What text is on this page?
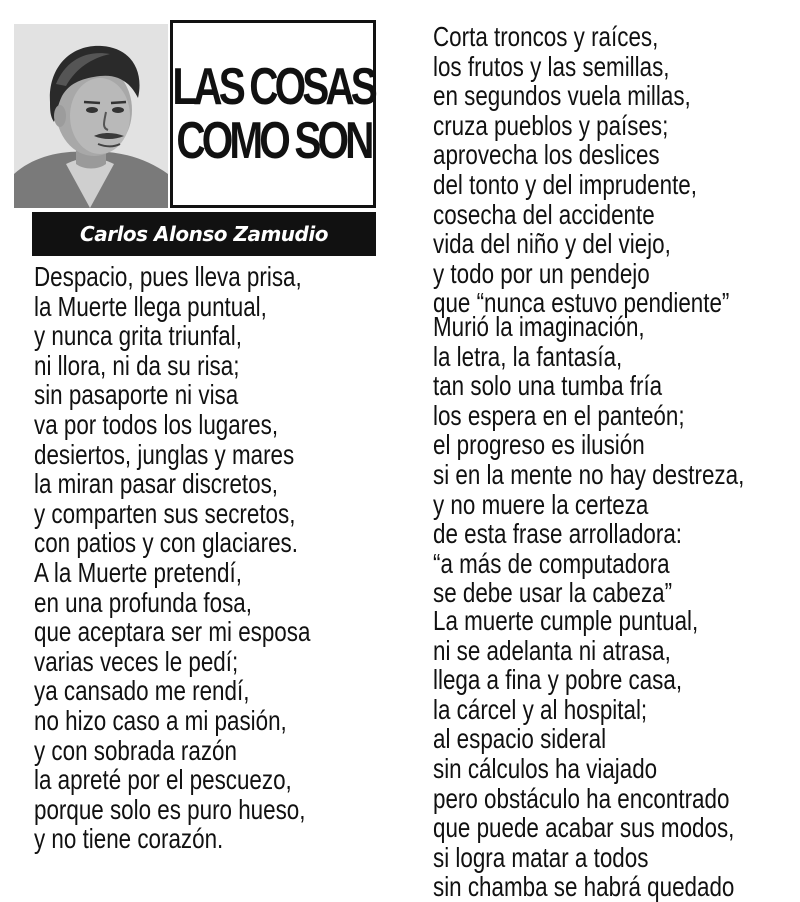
LAS COSAS
COMO SON
Carlos Alonso Zamudio
Despacio, pues lleva prisa,
la Muerte llega puntual,
y nunca grita triunfal,
ni llora, ni da su risa;
sin pasaporte ni visa
va por todos los lugares,
desiertos, junglas y mares
la miran pasar discretos,
y comparten sus secretos,
con patios y con glaciares.
A la Muerte pretendí,
en una profunda fosa,
que aceptara ser mi esposa
varias veces le pedí;
ya cansado me rendí,
no hizo caso a mi pasión,
y con sobrada razón
la apreté por el pescuezo,
porque solo es puro hueso,
y no tiene corazón.
Corta troncos y raíces,
los frutos y las semillas,
en segundos vuela millas,
cruza pueblos y países;
aprovecha los deslices
del tonto y del imprudente,
cosecha del accidente
vida del niño y del viejo,
y todo por un pendejo
que “nunca estuvo pendiente”
Murió la imaginación,
la letra, la fantasía,
tan solo una tumba fría
los espera en el panteón;
el progreso es ilusión
si en la mente no hay destreza,
y no muere la certeza
de esta frase arrolladora:
“a más de computadora
se debe usar la cabeza”
La muerte cumple puntual,
ni se adelanta ni atrasa,
llega a fina y pobre casa,
la cárcel y al hospital;
al espacio sideral
sin cálculos ha viajado
pero obstáculo ha encontrado
que puede acabar sus modos,
si logra matar a todos
sin chamba se habrá quedado
